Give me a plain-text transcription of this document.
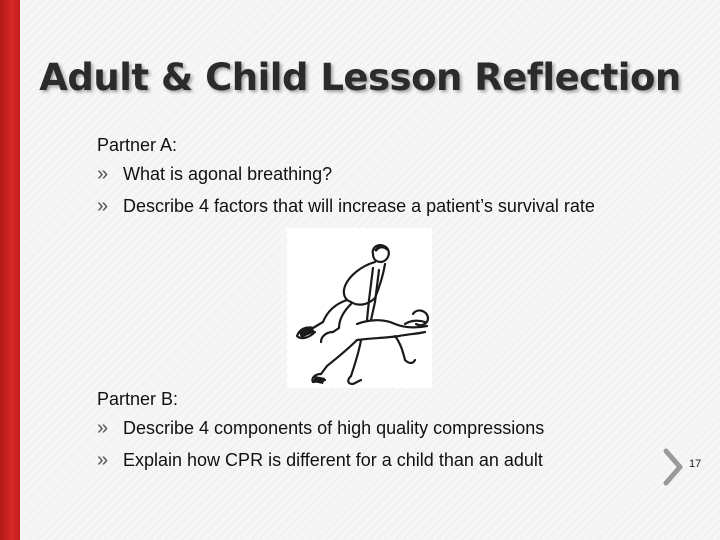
Adult & Child Lesson Reflection
Partner A:
» What is agonal breathing?
» Describe 4 factors that will increase a patient’s survival rate
Partner B:
» Describe 4 components of high quality compressions
» Explain how CPR is different for a child than an adult	17
